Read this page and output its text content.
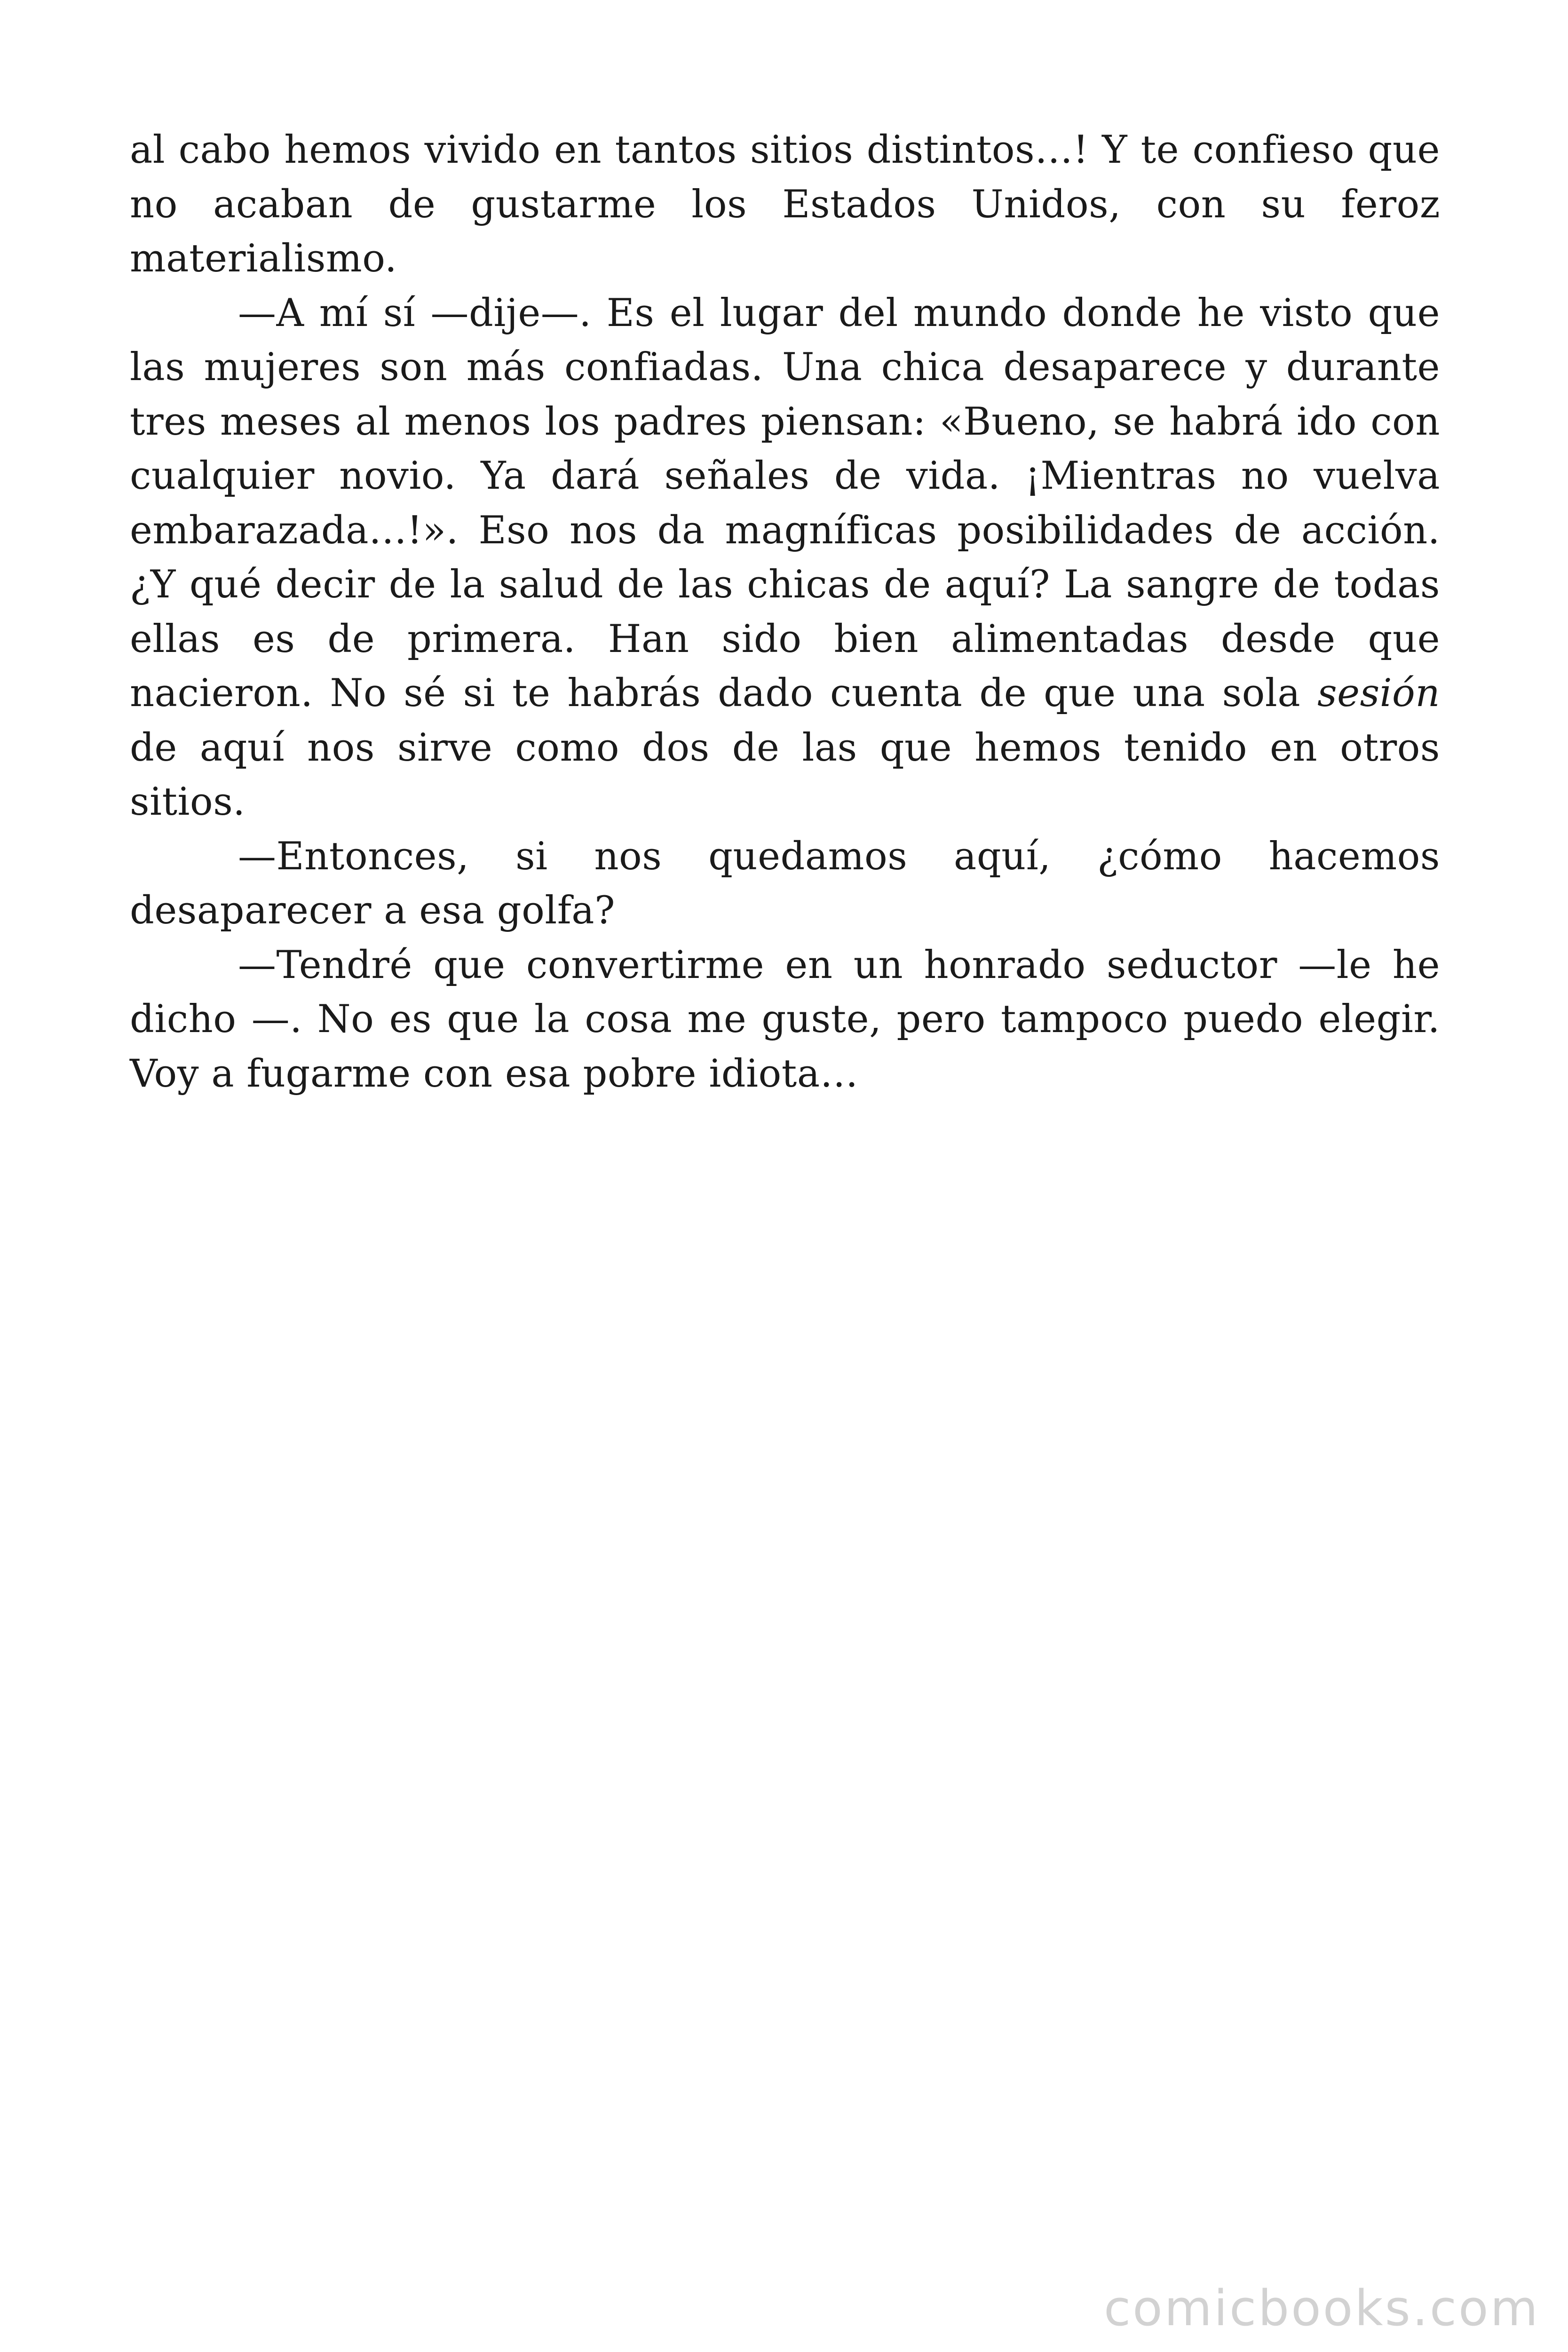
al cabo hemos vivido en tantos sitios distintos…! Y te confieso que no acaban de gustarme los Estados Unidos, con su feroz materialismo.

—A mí sí —dije—. Es el lugar del mundo donde he visto que las mujeres son más confiadas. Una chica desaparece y durante tres meses al menos los padres piensan: «Bueno, se habrá ido con cualquier novio. Ya dará señales de vida. ¡Mientras no vuelva embarazada…!». Eso nos da magníficas posibilidades de acción. ¿Y qué decir de la salud de las chicas de aquí? La sangre de todas ellas es de primera. Han sido bien alimentadas desde que nacieron. No sé si te habrás dado cuenta de que una sola sesión de aquí nos sirve como dos de las que hemos tenido en otros sitios.

—Entonces, si nos quedamos aquí, ¿cómo hacemos desaparecer a esa golfa?

—Tendré que convertirme en un honrado seductor —le he dicho —. No es que la cosa me guste, pero tampoco puedo elegir. Voy a fugarme con esa pobre idiota…

comicbooks.com
